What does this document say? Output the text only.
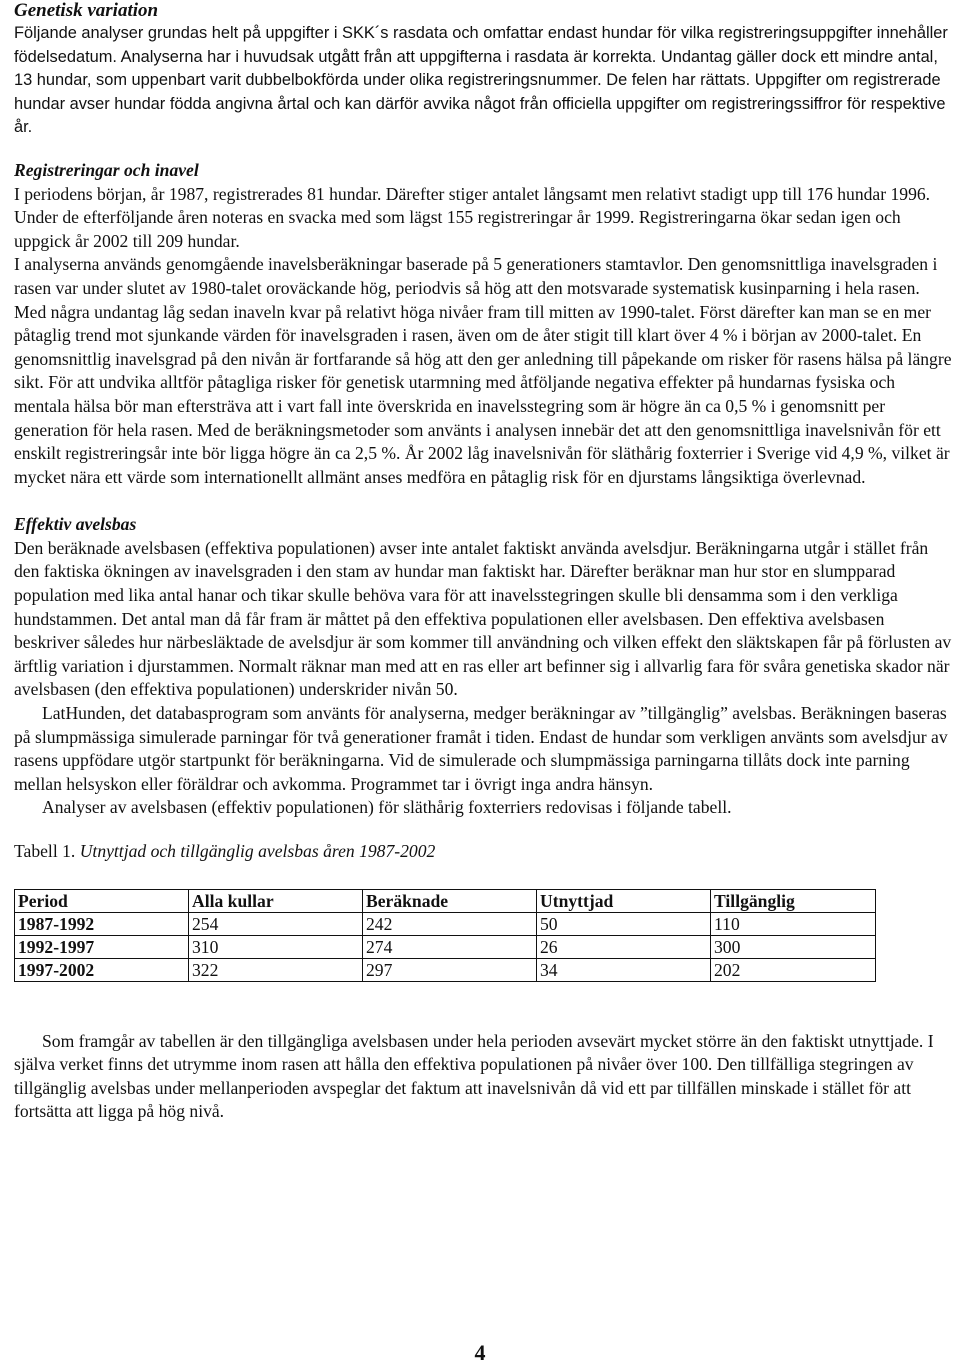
Genetisk variation

Följande analyser grundas helt på uppgifter i SKK´s rasdata och omfattar endast hundar för vilka registreringsuppgifter innehåller födelsedatum. Analyserna har i huvudsak utgått från att uppgifterna i rasdata är korrekta. Undantag gäller dock ett mindre antal, 13 hundar, som uppenbart varit dubbelbokförda under olika registreringsnummer. De felen har rättats. Uppgifter om registrerade hundar avser hundar födda angivna årtal och kan därför avvika något från officiella uppgifter om registreringssiffror för respektive år.

Registreringar och inavel

I periodens början, år 1987, registrerades 81 hundar. Därefter stiger antalet långsamt men relativt stadigt upp till 176 hundar 1996. Under de efterföljande åren noteras en svacka med som lägst 155 registreringar år 1999. Registreringarna ökar sedan igen och uppgick år 2002 till 209 hundar.

I analyserna används genomgående inavelsberäkningar baserade på 5 generationers stamtavlor. Den genomsnittliga inavelsgraden i rasen var under slutet av 1980-talet oroväckande hög, periodvis så hög att den motsvarade systematisk kusinparning i hela rasen. Med några undantag låg sedan inaveln kvar på relativt höga nivåer fram till mitten av 1990-talet. Först därefter kan man se en mer påtaglig trend mot sjunkande värden för inavelsgraden i rasen, även om de åter stigit till klart över 4 % i början av 2000-talet. En genomsnittlig inavelsgrad på den nivån är fortfarande så hög att den ger anledning till påpekande om risker för rasens hälsa på längre sikt. För att undvika alltför påtagliga risker för genetisk utarmning med åtföljande negativa effekter på hundarnas fysiska och mentala hälsa bör man eftersträva att i vart fall inte överskrida en inavelsstegring som är högre än ca 0,5 % i genomsnitt per generation för hela rasen. Med de beräkningsmetoder som använts i analysen innebär det att den genomsnittliga inavelsnivån för ett enskilt registreringsår inte bör ligga högre än ca 2,5 %. År 2002 låg inavelsnivån för släthårig foxterrier i Sverige vid 4,9 %, vilket är mycket nära ett värde som internationellt allmänt anses medföra en påtaglig risk för en djurstams långsiktiga överlevnad.

Effektiv avelsbas

Den beräknade avelsbasen (effektiva populationen) avser inte antalet faktiskt använda avelsdjur. Beräkningarna utgår i stället från den faktiska ökningen av inavelsgraden i den stam av hundar man faktiskt har. Därefter beräknar man hur stor en slumpparad population med lika antal hanar och tikar skulle behöva vara för att inavelsstegringen skulle bli densamma som i den verkliga hundstammen. Det antal man då får fram är måttet på den effektiva populationen eller avelsbasen. Den effektiva avelsbasen beskriver således hur närbesläktade de avelsdjur är som kommer till användning och vilken effekt den släktskapen får på förlusten av ärftlig variation i djurstammen. Normalt räknar man med att en ras eller art befinner sig i allvarlig fara för svåra genetiska skador när avelsbasen (den effektiva populationen) underskrider nivån 50.

LatHunden, det databasprogram som använts för analyserna, medger beräkningar av ”tillgänglig” avelsbas. Beräkningen baseras på slumpmässiga simulerade parningar för två generationer framåt i tiden. Endast de hundar som verkligen använts som avelsdjur av rasens uppfödare utgör startpunkt för beräkningarna. Vid de simulerade och slumpmässiga parningarna tillåts dock inte parning mellan helsyskon eller föräldrar och avkomma. Programmet tar i övrigt inga andra hänsyn.

Analyser av avelsbasen (effektiv populationen) för släthårig foxterriers redovisas i följande tabell.

Tabell 1. Utnyttjad och tillgänglig avelsbas åren 1987-2002

Period	Alla kullar	Beräknade	Utnyttjad	Tillgänglig
1987-1992	254	242	50	110
1992-1997	310	274	26	300
1997-2002	322	297	34	202

Som framgår av tabellen är den tillgängliga avelsbasen under hela perioden avsevärt mycket större än den faktiskt utnyttjade. I själva verket finns det utrymme inom rasen att hålla den effektiva populationen på nivåer över 100. Den tillfälliga stegringen av tillgänglig avelsbas under mellanperioden avspeglar det faktum att inavelsnivån då vid ett par tillfällen minskade i stället för att fortsätta att ligga på hög nivå.

4
